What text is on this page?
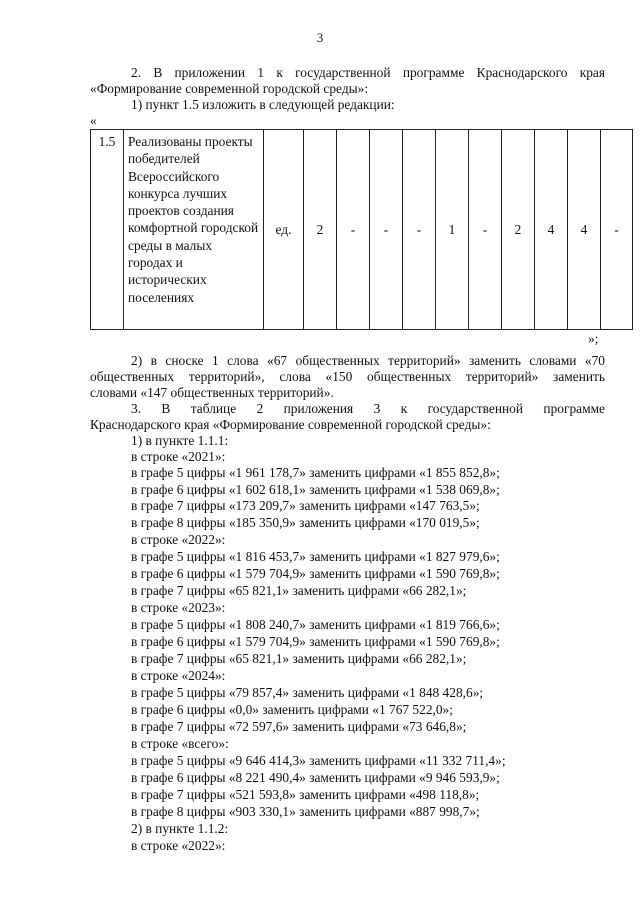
3
2. В приложении 1 к государственной программе Краснодарского края
«Формирование современной городской среды»:
1) пункт 1.5 изложить в следующей редакции:
«
1.5	Реализованы проекты победителей Всероссийского конкурса лучших проектов создания комфортной городской среды в малых городах и исторических поселениях	ед.	2	-	-	-	1	-	2	4	4	-
»;
2) в сноске 1 слова «67 общественных территорий» заменить словами «70
общественных территорий», слова «150 общественных территорий» заменить
словами «147 общественных территорий».
3. В таблице 2 приложения 3 к государственной программе
Краснодарского края «Формирование современной городской среды»:
1) в пункте 1.1.1:
в строке «2021»:
в графе 5 цифры «1 961 178,7» заменить цифрами «1 855 852,8»;
в графе 6 цифры «1 602 618,1» заменить цифрами «1 538 069,8»;
в графе 7 цифры «173 209,7» заменить цифрами «147 763,5»;
в графе 8 цифры «185 350,9» заменить цифрами «170 019,5»;
в строке «2022»:
в графе 5 цифры «1 816 453,7» заменить цифрами «1 827 979,6»;
в графе 6 цифры «1 579 704,9» заменить цифрами «1 590 769,8»;
в графе 7 цифры «65 821,1» заменить цифрами «66 282,1»;
в строке «2023»:
в графе 5 цифры «1 808 240,7» заменить цифрами «1 819 766,6»;
в графе 6 цифры «1 579 704,9» заменить цифрами «1 590 769,8»;
в графе 7 цифры «65 821,1» заменить цифрами «66 282,1»;
в строке «2024»:
в графе 5 цифры «79 857,4» заменить цифрами «1 848 428,6»;
в графе 6 цифры «0,0» заменить цифрами «1 767 522,0»;
в графе 7 цифры «72 597,6» заменить цифрами «73 646,8»;
в строке «всего»:
в графе 5 цифры «9 646 414,3» заменить цифрами «11 332 711,4»;
в графе 6 цифры «8 221 490,4» заменить цифрами «9 946 593,9»;
в графе 7 цифры «521 593,8» заменить цифрами «498 118,8»;
в графе 8 цифры «903 330,1» заменить цифрами «887 998,7»;
2) в пункте 1.1.2:
в строке «2022»:
